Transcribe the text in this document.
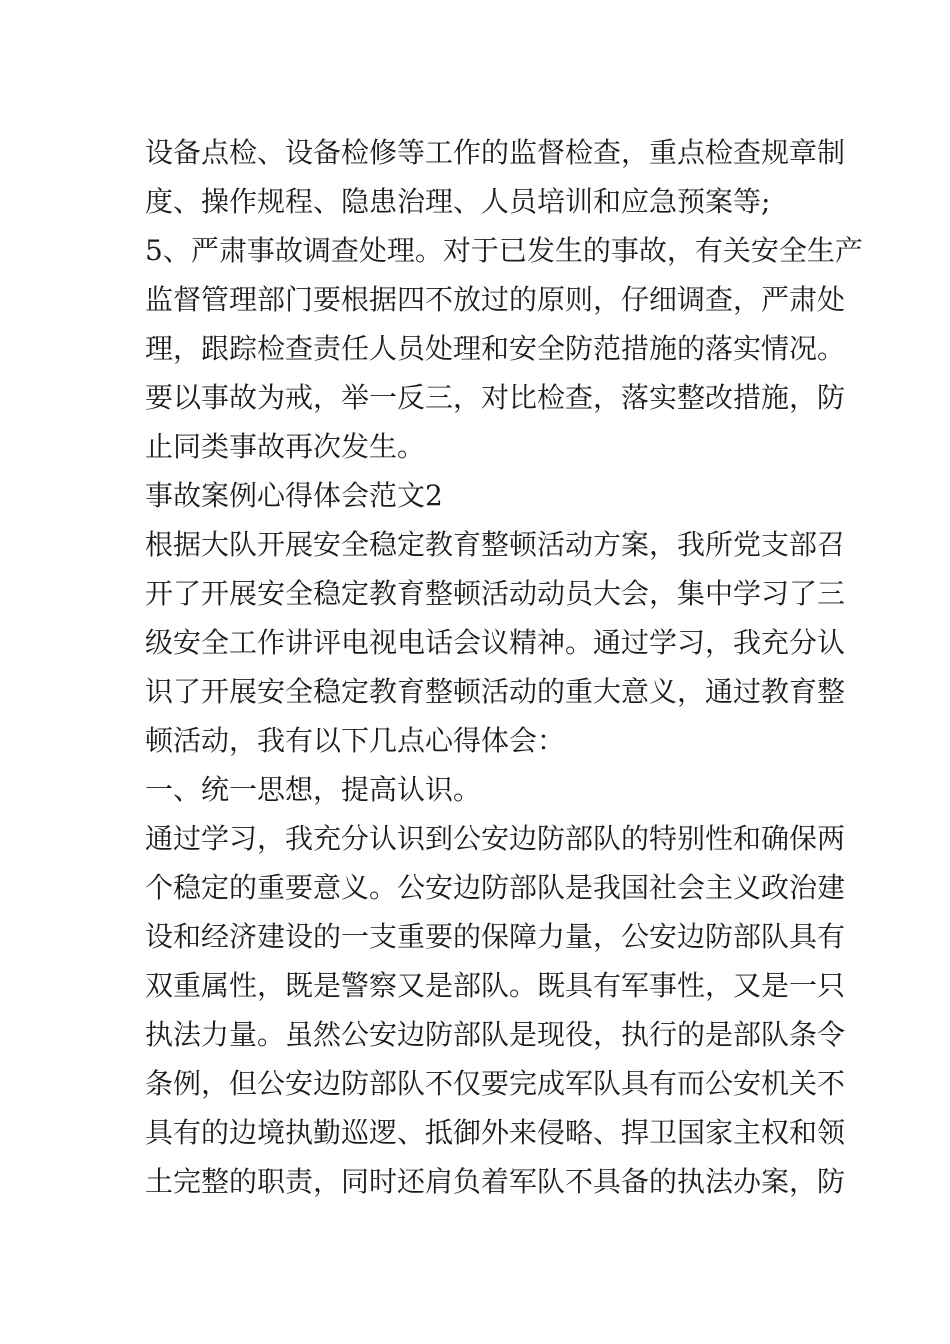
设备点检、设备检修等工作的监督检查，重点检查规章制
度、操作规程、隐患治理、人员培训和应急预案等;
5、严肃事故调查处理。对于已发生的事故，有关安全生产
监督管理部门要根据四不放过的原则，仔细调查，严肃处
理，跟踪检查责任人员处理和安全防范措施的落实情况。
要以事故为戒，举一反三，对比检查，落实整改措施，防
止同类事故再次发生。
事故案例心得体会范文2
根据大队开展安全稳定教育整顿活动方案，我所党支部召
开了开展安全稳定教育整顿活动动员大会，集中学习了三
级安全工作讲评电视电话会议精神。通过学习，我充分认
识了开展安全稳定教育整顿活动的重大意义，通过教育整
顿活动，我有以下几点心得体会：
一、统一思想，提高认识。
通过学习，我充分认识到公安边防部队的特别性和确保两
个稳定的重要意义。公安边防部队是我国社会主义政治建
设和经济建设的一支重要的保障力量，公安边防部队具有
双重属性，既是警察又是部队。既具有军事性，又是一只
执法力量。虽然公安边防部队是现役，执行的是部队条令
条例，但公安边防部队不仅要完成军队具有而公安机关不
具有的边境执勤巡逻、抵御外来侵略、捍卫国家主权和领
土完整的职责，同时还肩负着军队不具备的执法办案，防
